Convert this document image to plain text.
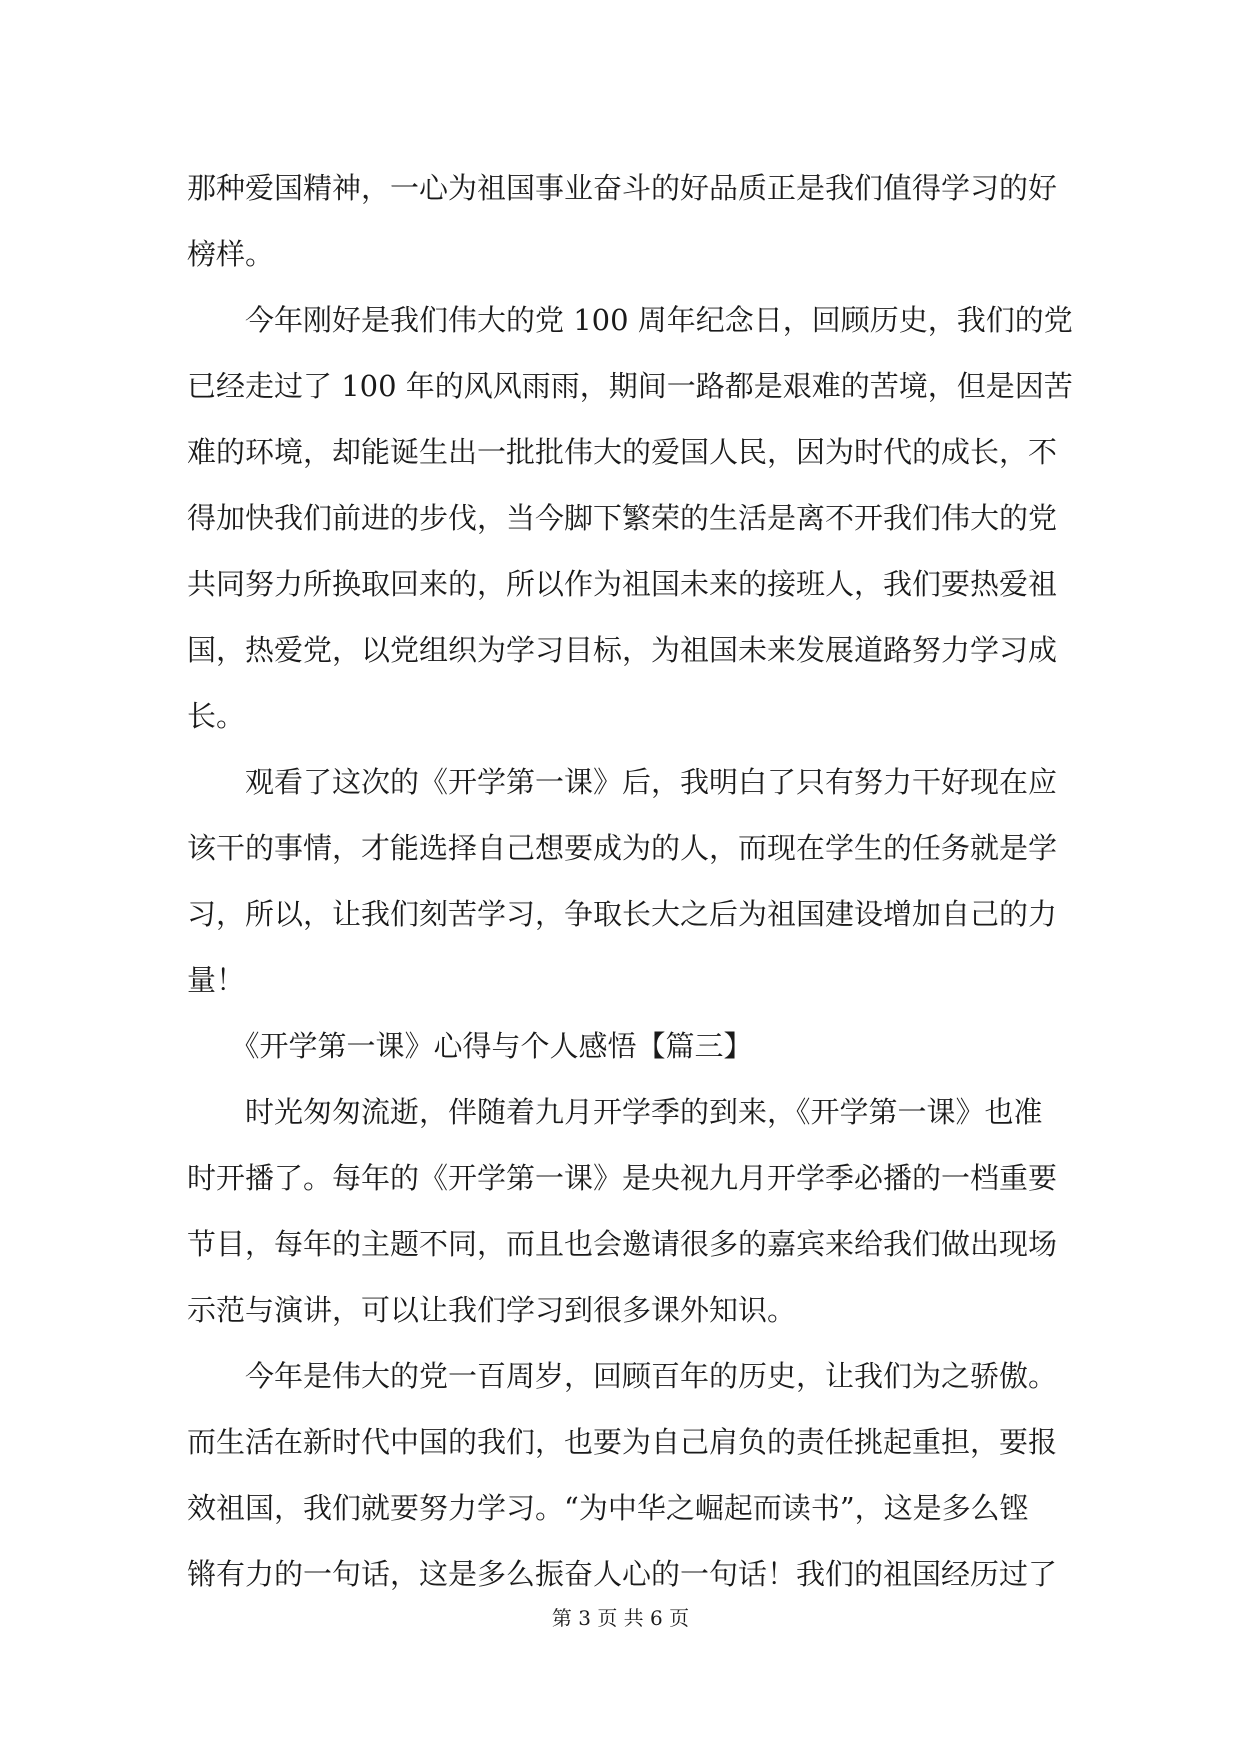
那种爱国精神，一心为祖国事业奋斗的好品质正是我们值得学习的好

榜样。

　　今年刚好是我们伟大的党 100 周年纪念日，回顾历史，我们的党

已经走过了 100 年的风风雨雨，期间一路都是艰难的苦境，但是因苦

难的环境，却能诞生出一批批伟大的爱国人民，因为时代的成长，不

得加快我们前进的步伐，当今脚下繁荣的生活是离不开我们伟大的党

共同努力所换取回来的，所以作为祖国未来的接班人，我们要热爱祖

国，热爱党，以党组织为学习目标，为祖国未来发展道路努力学习成

长。

　　观看了这次的《开学第一课》后，我明白了只有努力干好现在应

该干的事情，才能选择自己想要成为的人，而现在学生的任务就是学

习，所以，让我们刻苦学习，争取长大之后为祖国建设增加自己的力

量！

　　《开学第一课》心得与个人感悟【篇三】

　　时光匆匆流逝，伴随着九月开学季的到来，《开学第一课》也准

时开播了。每年的《开学第一课》是央视九月开学季必播的一档重要

节目，每年的主题不同，而且也会邀请很多的嘉宾来给我们做出现场

示范与演讲，可以让我们学习到很多课外知识。

　　今年是伟大的党一百周岁，回顾百年的历史，让我们为之骄傲。

而生活在新时代中国的我们，也要为自己肩负的责任挑起重担，要报

效祖国，我们就要努力学习。“为中华之崛起而读书”，这是多么铿

锵有力的一句话，这是多么振奋人心的一句话！我们的祖国经历过了

第 3 页 共 6 页
